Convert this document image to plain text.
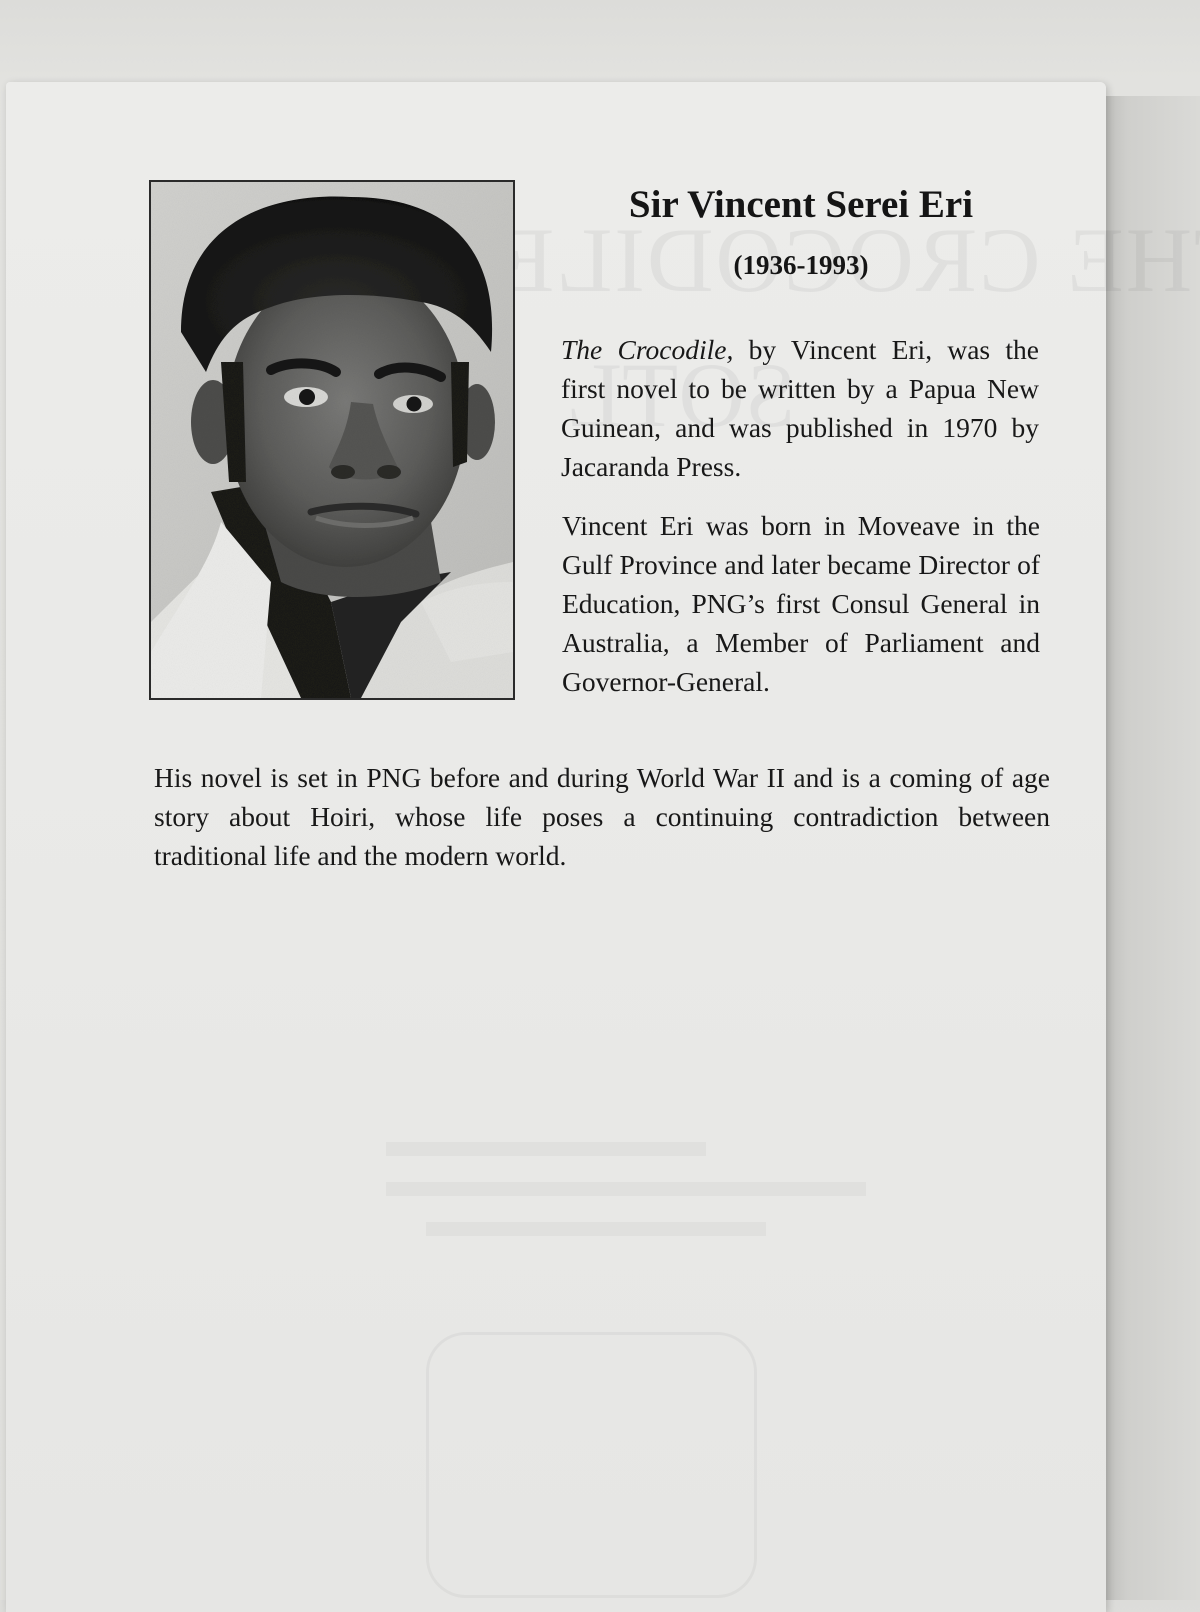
Sir Vincent Serei Eri
(1936-1993)

The Crocodile, by Vincent Eri, was the first novel to be written by a Papua New Guinean, and was published in 1970 by Jacaranda Press.

Vincent Eri was born in Moveave in the Gulf Province and later became Director of Education, PNG’s first Consul General in Australia, a Member of Parliament and Governor-General.

His novel is set in PNG before and during World War II and is a coming of age story about Hoiri, whose life poses a continuing contradiction between traditional life and the modern world.
